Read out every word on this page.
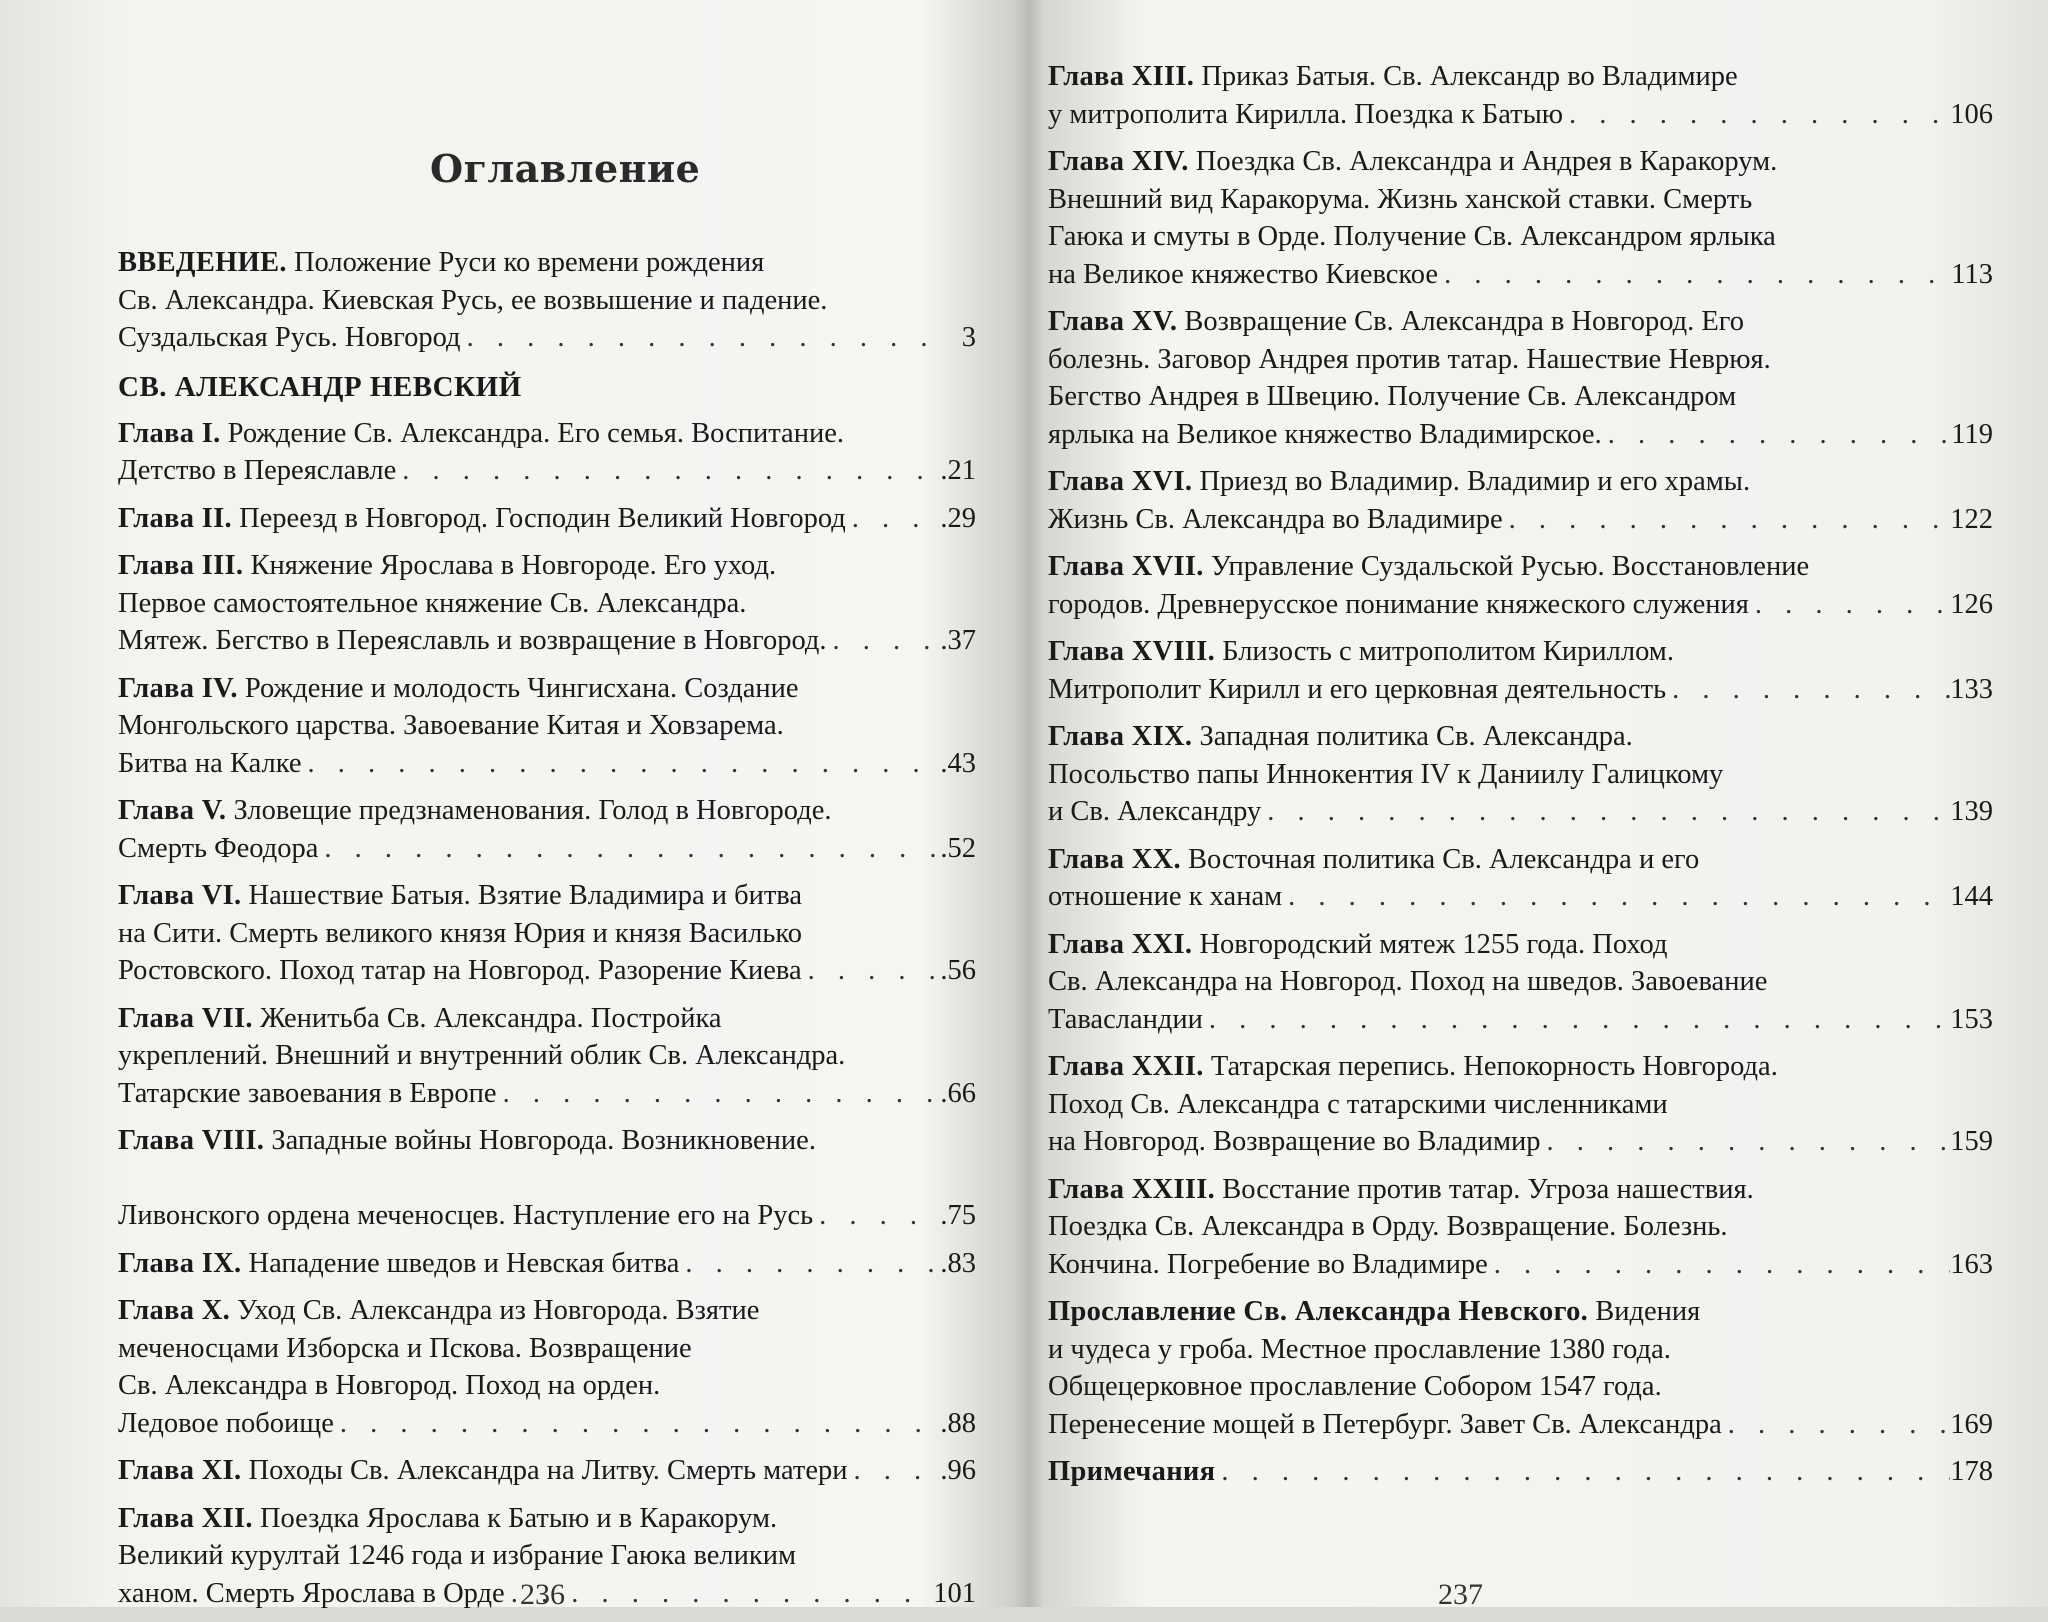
Оглавление
ВВЕДЕНИЕ. Положение Руси ко времени рождения
Св. Александра. Киевская Русь, ее возвышение и падение.
Суздальская Русь. Новгород . . .	3
СВ. АЛЕКСАНДР НЕВСКИЙ
Глава I. Рождение Св. Александра. Его семья. Воспитание.
Детство в Переяславле . . .	.21
Глава II. Переезд в Новгород. Господин Великий Новгород . . .	.29
Глава III. Княжение Ярослава в Новгороде. Его уход.
Первое самостоятельное княжение Св. Александра.
Мятеж. Бегство в Переяславль и возвращение в Новгород. . . .	.37
Глава IV. Рождение и молодость Чингисхана. Создание
Монгольского царства. Завоевание Китая и Ховзарема.
Битва на Калке . . .	.43
Глава V. Зловещие предзнаменования. Голод в Новгороде.
Смерть Феодора . . .	.52
Глава VI. Нашествие Батыя. Взятие Владимира и битва
на Сити. Смерть великого князя Юрия и князя Василько
Ростовского. Поход татар на Новгород. Разорение Киева . . .	.56
Глава VII. Женитьба Св. Александра. Постройка
укреплений. Внешний и внутренний облик Св. Александра.
Татарские завоевания в Европе . . .	.66
Глава VIII. Западные войны Новгорода. Возникновение.
Ливонского ордена меченосцев. Наступление его на Русь . . .	.75
Глава IX. Нападение шведов и Невская битва . . .	.83
Глава X. Уход Св. Александра из Новгорода. Взятие
меченосцами Изборска и Пскова. Возвращение
Св. Александра в Новгород. Поход на орден.
Ледовое побоище . . .	.88
Глава XI. Походы Св. Александра на Литву. Смерть матери . . .	.96
Глава XII. Поездка Ярослава к Батыю и в Каракорум.
Великий курултай 1246 года и избрание Гаюка великим
ханом. Смерть Ярослава в Орде . . .	101
236
Глава XIII. Приказ Батыя. Св. Александр во Владимире
у митрополита Кирилла. Поездка к Батыю . . .	106
Глава XIV. Поездка Св. Александра и Андрея в Каракорум.
Внешний вид Каракорума. Жизнь ханской ставки. Смерть
Гаюка и смуты в Орде. Получение Св. Александром ярлыка
на Великое княжество Киевское . . .	113
Глава XV. Возвращение Св. Александра в Новгород. Его
болезнь. Заговор Андрея против татар. Нашествие Неврюя.
Бегство Андрея в Швецию. Получение Св. Александром
ярлыка на Великое княжество Владимирское. . . .	119
Глава XVI. Приезд во Владимир. Владимир и его храмы.
Жизнь Св. Александра во Владимире . . .	122
Глава XVII. Управление Суздальской Русью. Восстановление
городов. Древнерусское понимание княжеского служения . . .	126
Глава XVIII. Близость с митрополитом Кириллом.
Митрополит Кирилл и его церковная деятельность . . .	133
Глава XIX. Западная политика Св. Александра.
Посольство папы Иннокентия IV к Даниилу Галицкому
и Св. Александру . . .	139
Глава XX. Восточная политика Св. Александра и его
отношение к ханам . . .	144
Глава XXI. Новгородский мятеж 1255 года. Поход
Св. Александра на Новгород. Поход на шведов. Завоевание
Тавасландии . . .	153
Глава XXII. Татарская перепись. Непокорность Новгорода.
Поход Св. Александра с татарскими численниками
на Новгород. Возвращение во Владимир . . .	159
Глава XXIII. Восстание против татар. Угроза нашествия.
Поездка Св. Александра в Орду. Возвращение. Болезнь.
Кончина. Погребение во Владимире . . .	163
Прославление Св. Александра Невского. Видения
и чудеса у гроба. Местное прославление 1380 года.
Общецерковное прославление Собором 1547 года.
Перенесение мощей в Петербург. Завет Св. Александра . . .	169
Примечания . . .	178
237
